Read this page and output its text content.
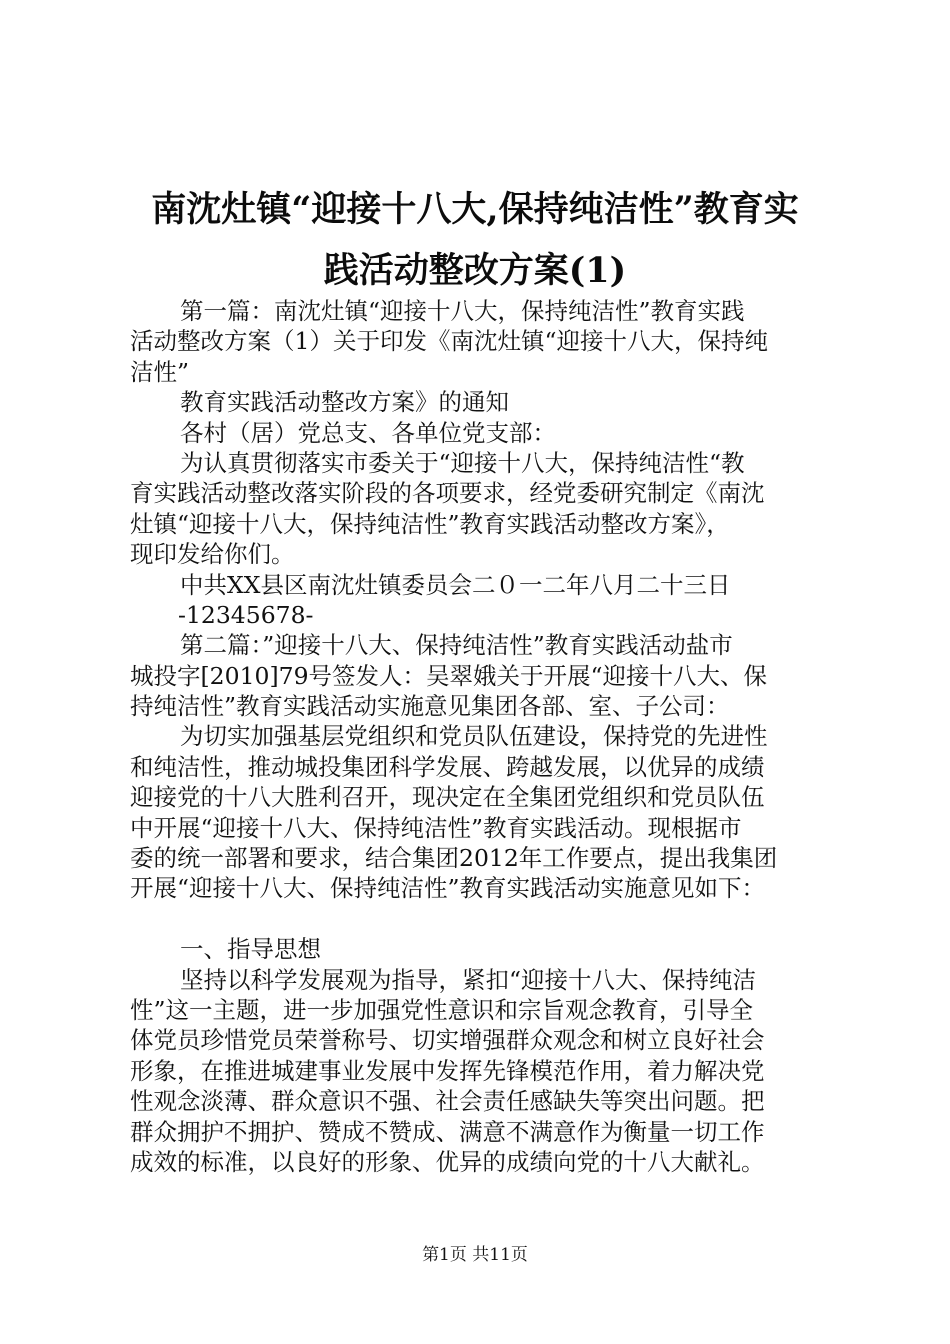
南沈灶镇“迎接十八大,保持纯洁性”教育实
践活动整改方案(1)
第一篇：南沈灶镇“迎接十八大，保持纯洁性”教育实践
活动整改方案（1）关于印发《南沈灶镇“迎接十八大，保持纯
洁性”
教育实践活动整改方案》的通知
各村（居）党总支、各单位党支部：
为认真贯彻落实市委关于“迎接十八大，保持纯洁性“教
育实践活动整改落实阶段的各项要求，经党委研究制定《南沈
灶镇“迎接十八大，保持纯洁性”教育实践活动整改方案》，
现印发给你们。
中共XX县区南沈灶镇委员会二０一二年八月二十三日
-12345678-
第二篇：”迎接十八大、保持纯洁性”教育实践活动盐市
城投字[2010]79号签发人：吴翠娥关于开展“迎接十八大、保
持纯洁性”教育实践活动实施意见集团各部、室、子公司：
为切实加强基层党组织和党员队伍建设，保持党的先进性
和纯洁性，推动城投集团科学发展、跨越发展，以优异的成绩
迎接党的十八大胜利召开，现决定在全集团党组织和党员队伍
中开展“迎接十八大、保持纯洁性”教育实践活动。现根据市
委的统一部署和要求，结合集团2012年工作要点，提出我集团
开展“迎接十八大、保持纯洁性”教育实践活动实施意见如下：
一、指导思想
坚持以科学发展观为指导，紧扣“迎接十八大、保持纯洁
性”这一主题，进一步加强党性意识和宗旨观念教育，引导全
体党员珍惜党员荣誉称号、切实增强群众观念和树立良好社会
形象，在推进城建事业发展中发挥先锋模范作用，着力解决党
性观念淡薄、群众意识不强、社会责任感缺失等突出问题。把
群众拥护不拥护、赞成不赞成、满意不满意作为衡量一切工作
成效的标准，以良好的形象、优异的成绩向党的十八大献礼。
第1页 共11页
